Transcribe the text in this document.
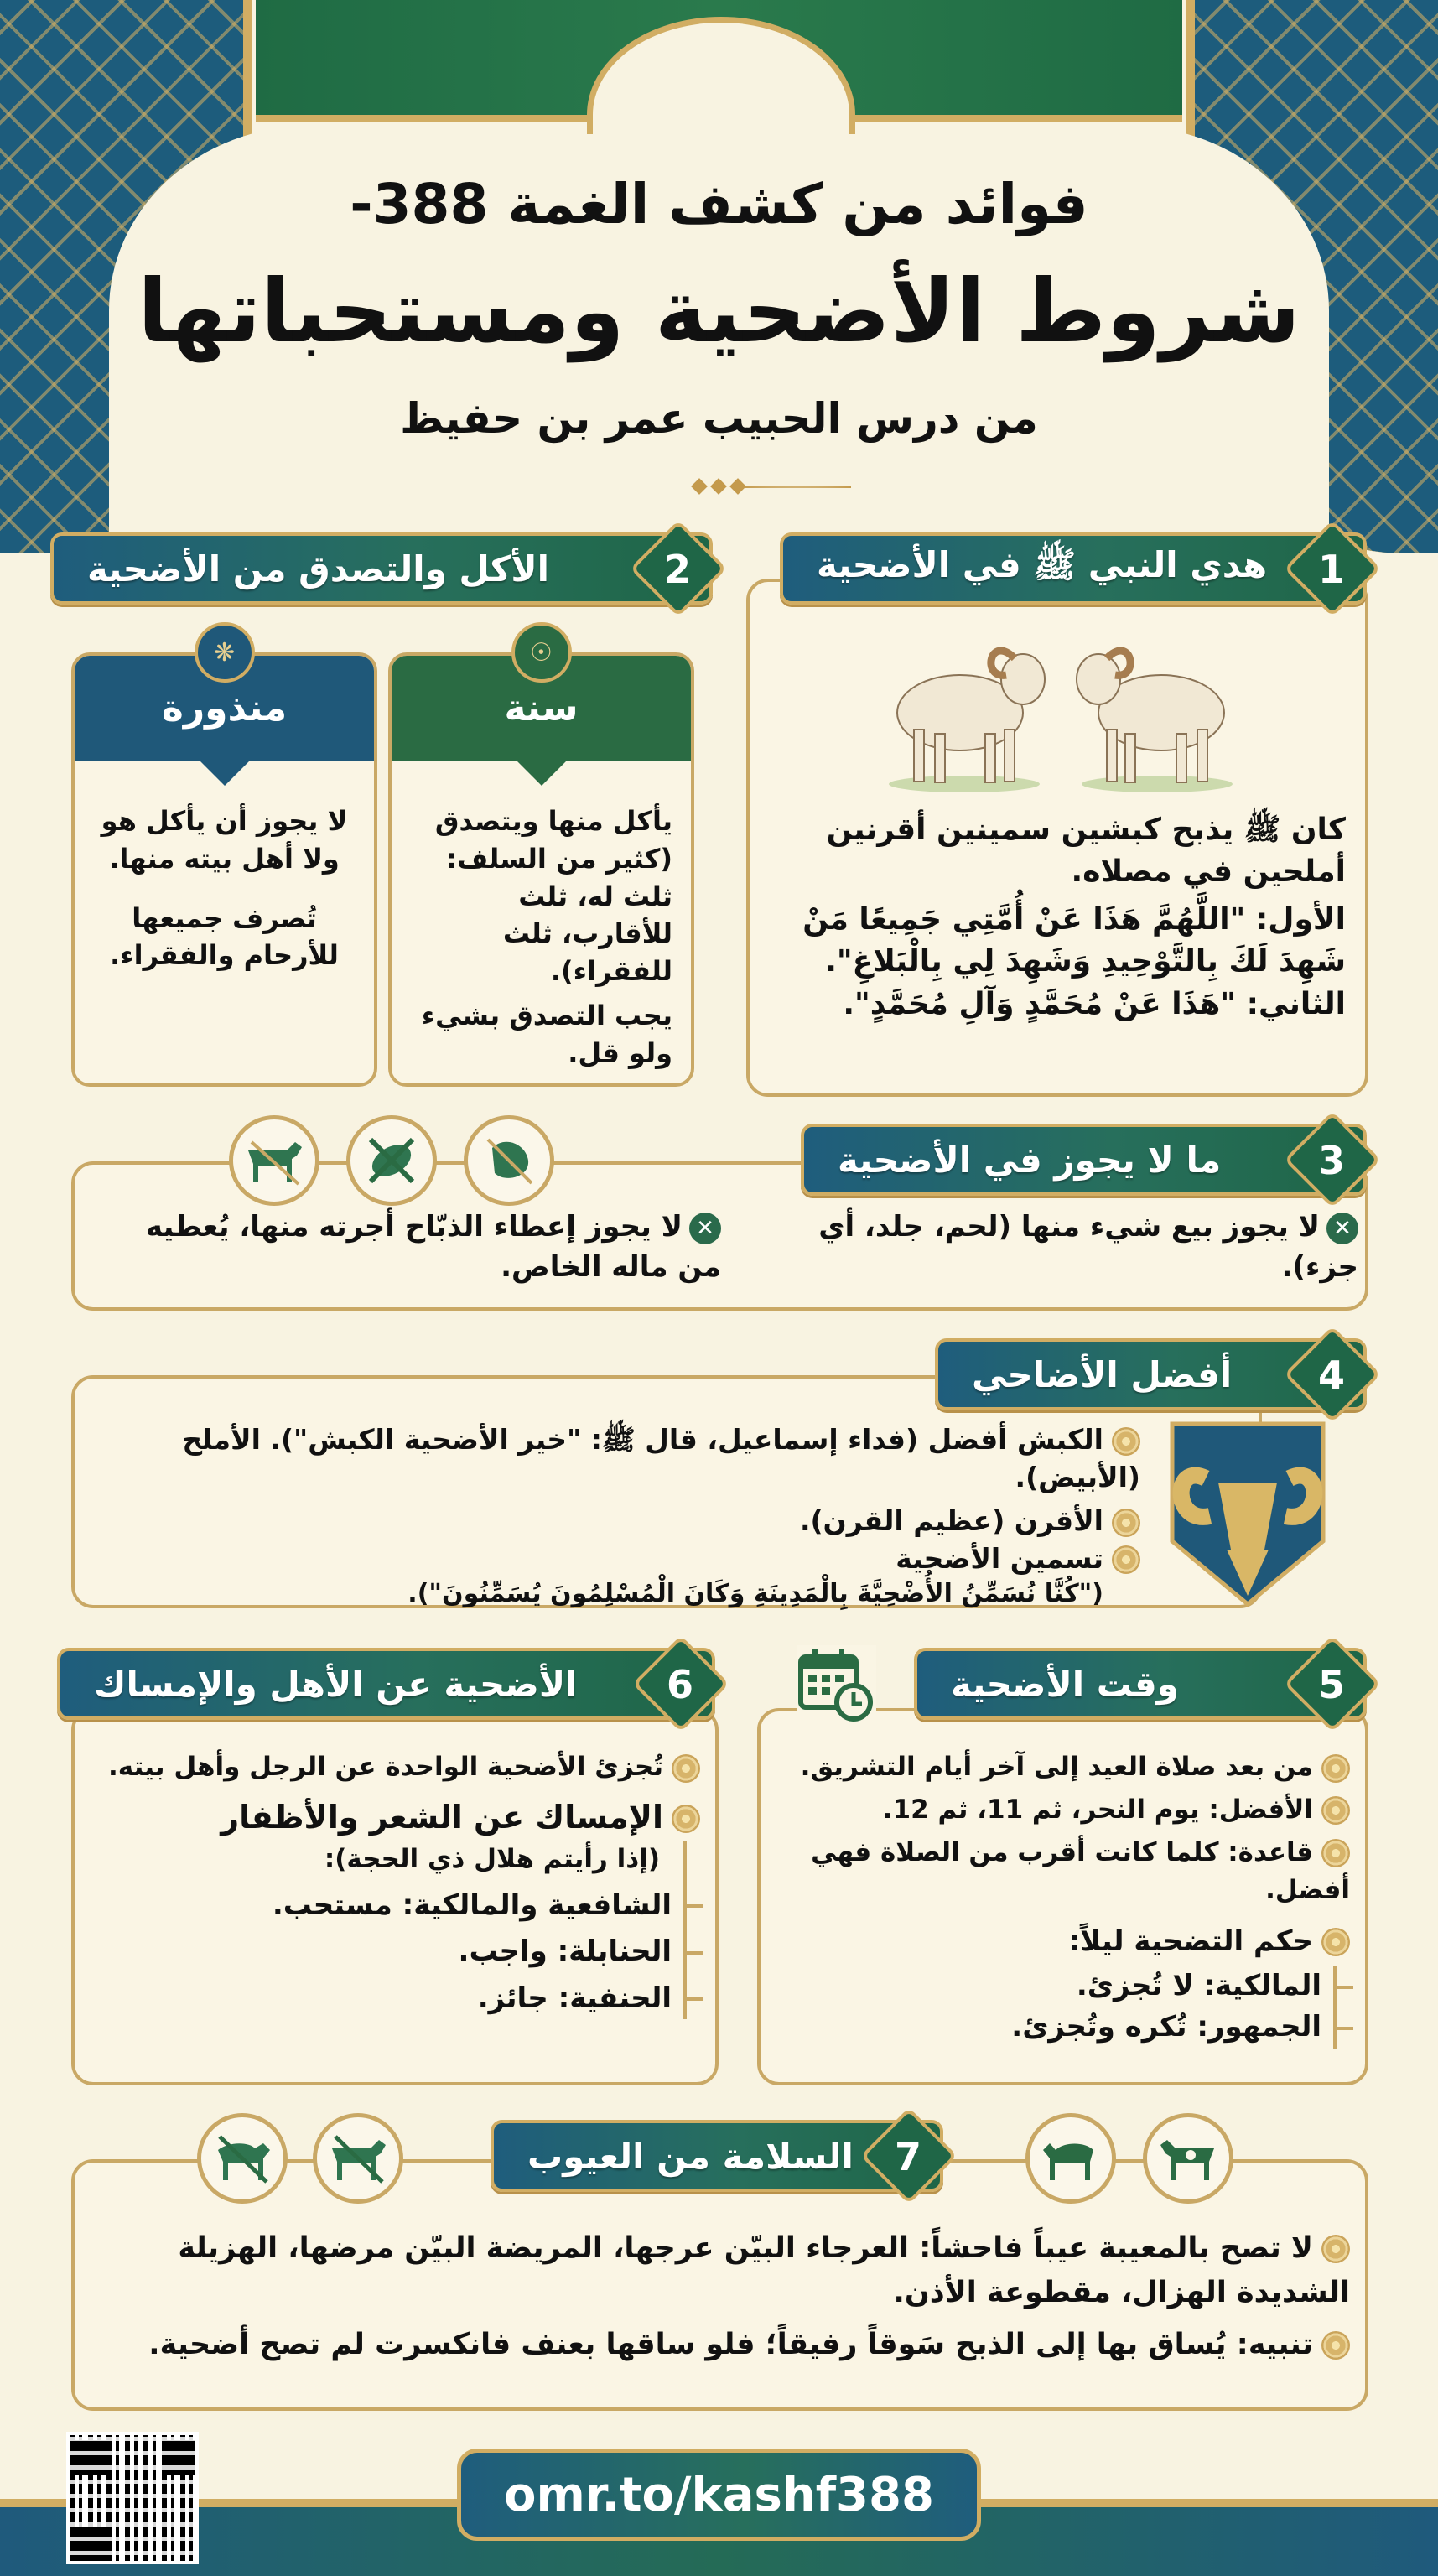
فوائد من كشف الغمة 388-
شروط الأضحية ومستحباتها
من درس الحبيب عمر بن حفيظ
1
هدي النبي ﷺ في الأضحية

كان ﷺ يذبح كبشين سمينين أقرنين أملحين في مصلاه.

الأول: "اللَّهُمَّ هَذَا عَنْ أُمَّتِي جَمِيعًا مَنْ شَهِدَ لَكَ بِالتَّوْحِيدِ وَشَهِدَ لِي بِالْبَلاغِ".

الثاني: "هَذَا عَنْ مُحَمَّدٍ وَآلِ مُحَمَّدٍ".

2
الأكل والتصدق من الأضحية
سنة
☉

يأكل منها ويتصدق (كثير من السلف: ثلث له، ثلث للأقارب، ثلث للفقراء).

يجب التصدق بشيء ولو قل.

منذورة
❋

لا يجوز أن يأكل هو ولا أهل بيته منها.

تُصرف جميعها للأرحام والفقراء.

3
ما لا يجوز في الأضحية

✕لا يجوز بيع شيء منها (لحم، جلد، أي جزء).

✕لا يجوز إعطاء الذبّاح أجرته منها، يُعطيه من ماله الخاص.

4
أفضل الأضاحي

الكبش أفضل (فداء إسماعيل، قال ﷺ: "خير الأضحية الكبش"). الأملح (الأبيض).

الأقرن (عظيم القرن).

تسمين الأضحية

("كُنَّا نُسَمِّنُ الأُضْحِيَّةَ بِالْمَدِينَةِ وَكَانَ الْمُسْلِمُونَ يُسَمِّنُونَ").

5
وقت الأضحية

من بعد صلاة العيد إلى آخر أيام التشريق.

الأفضل: يوم النحر، ثم 11، ثم 12.

قاعدة: كلما كانت أقرب من الصلاة فهي أفضل.

حكم التضحية ليلاً:

المالكية: لا تُجزئ.

الجمهور: تُكره وتُجزئ.

6
الأضحية عن الأهل والإمساك

تُجزئ الأضحية الواحدة عن الرجل وأهل بيته.

الإمساك عن الشعر والأظفار

(إذا رأيتم هلال ذي الحجة):

الشافعية والمالكية: مستحب.

الحنابلة: واجب.

الحنفية: جائز.

7
السلامة من العيوب

لا تصح بالمعيبة عيباً فاحشاً: العرجاء البيّن عرجها، المريضة البيّن مرضها، الهزيلة الشديدة الهزال، مقطوعة الأذن.

تنبيه: يُساق بها إلى الذبح سَوقاً رفيقاً؛ فلو ساقها بعنف فانكسرت لم تصح أضحية.

omr.to/kashf388
